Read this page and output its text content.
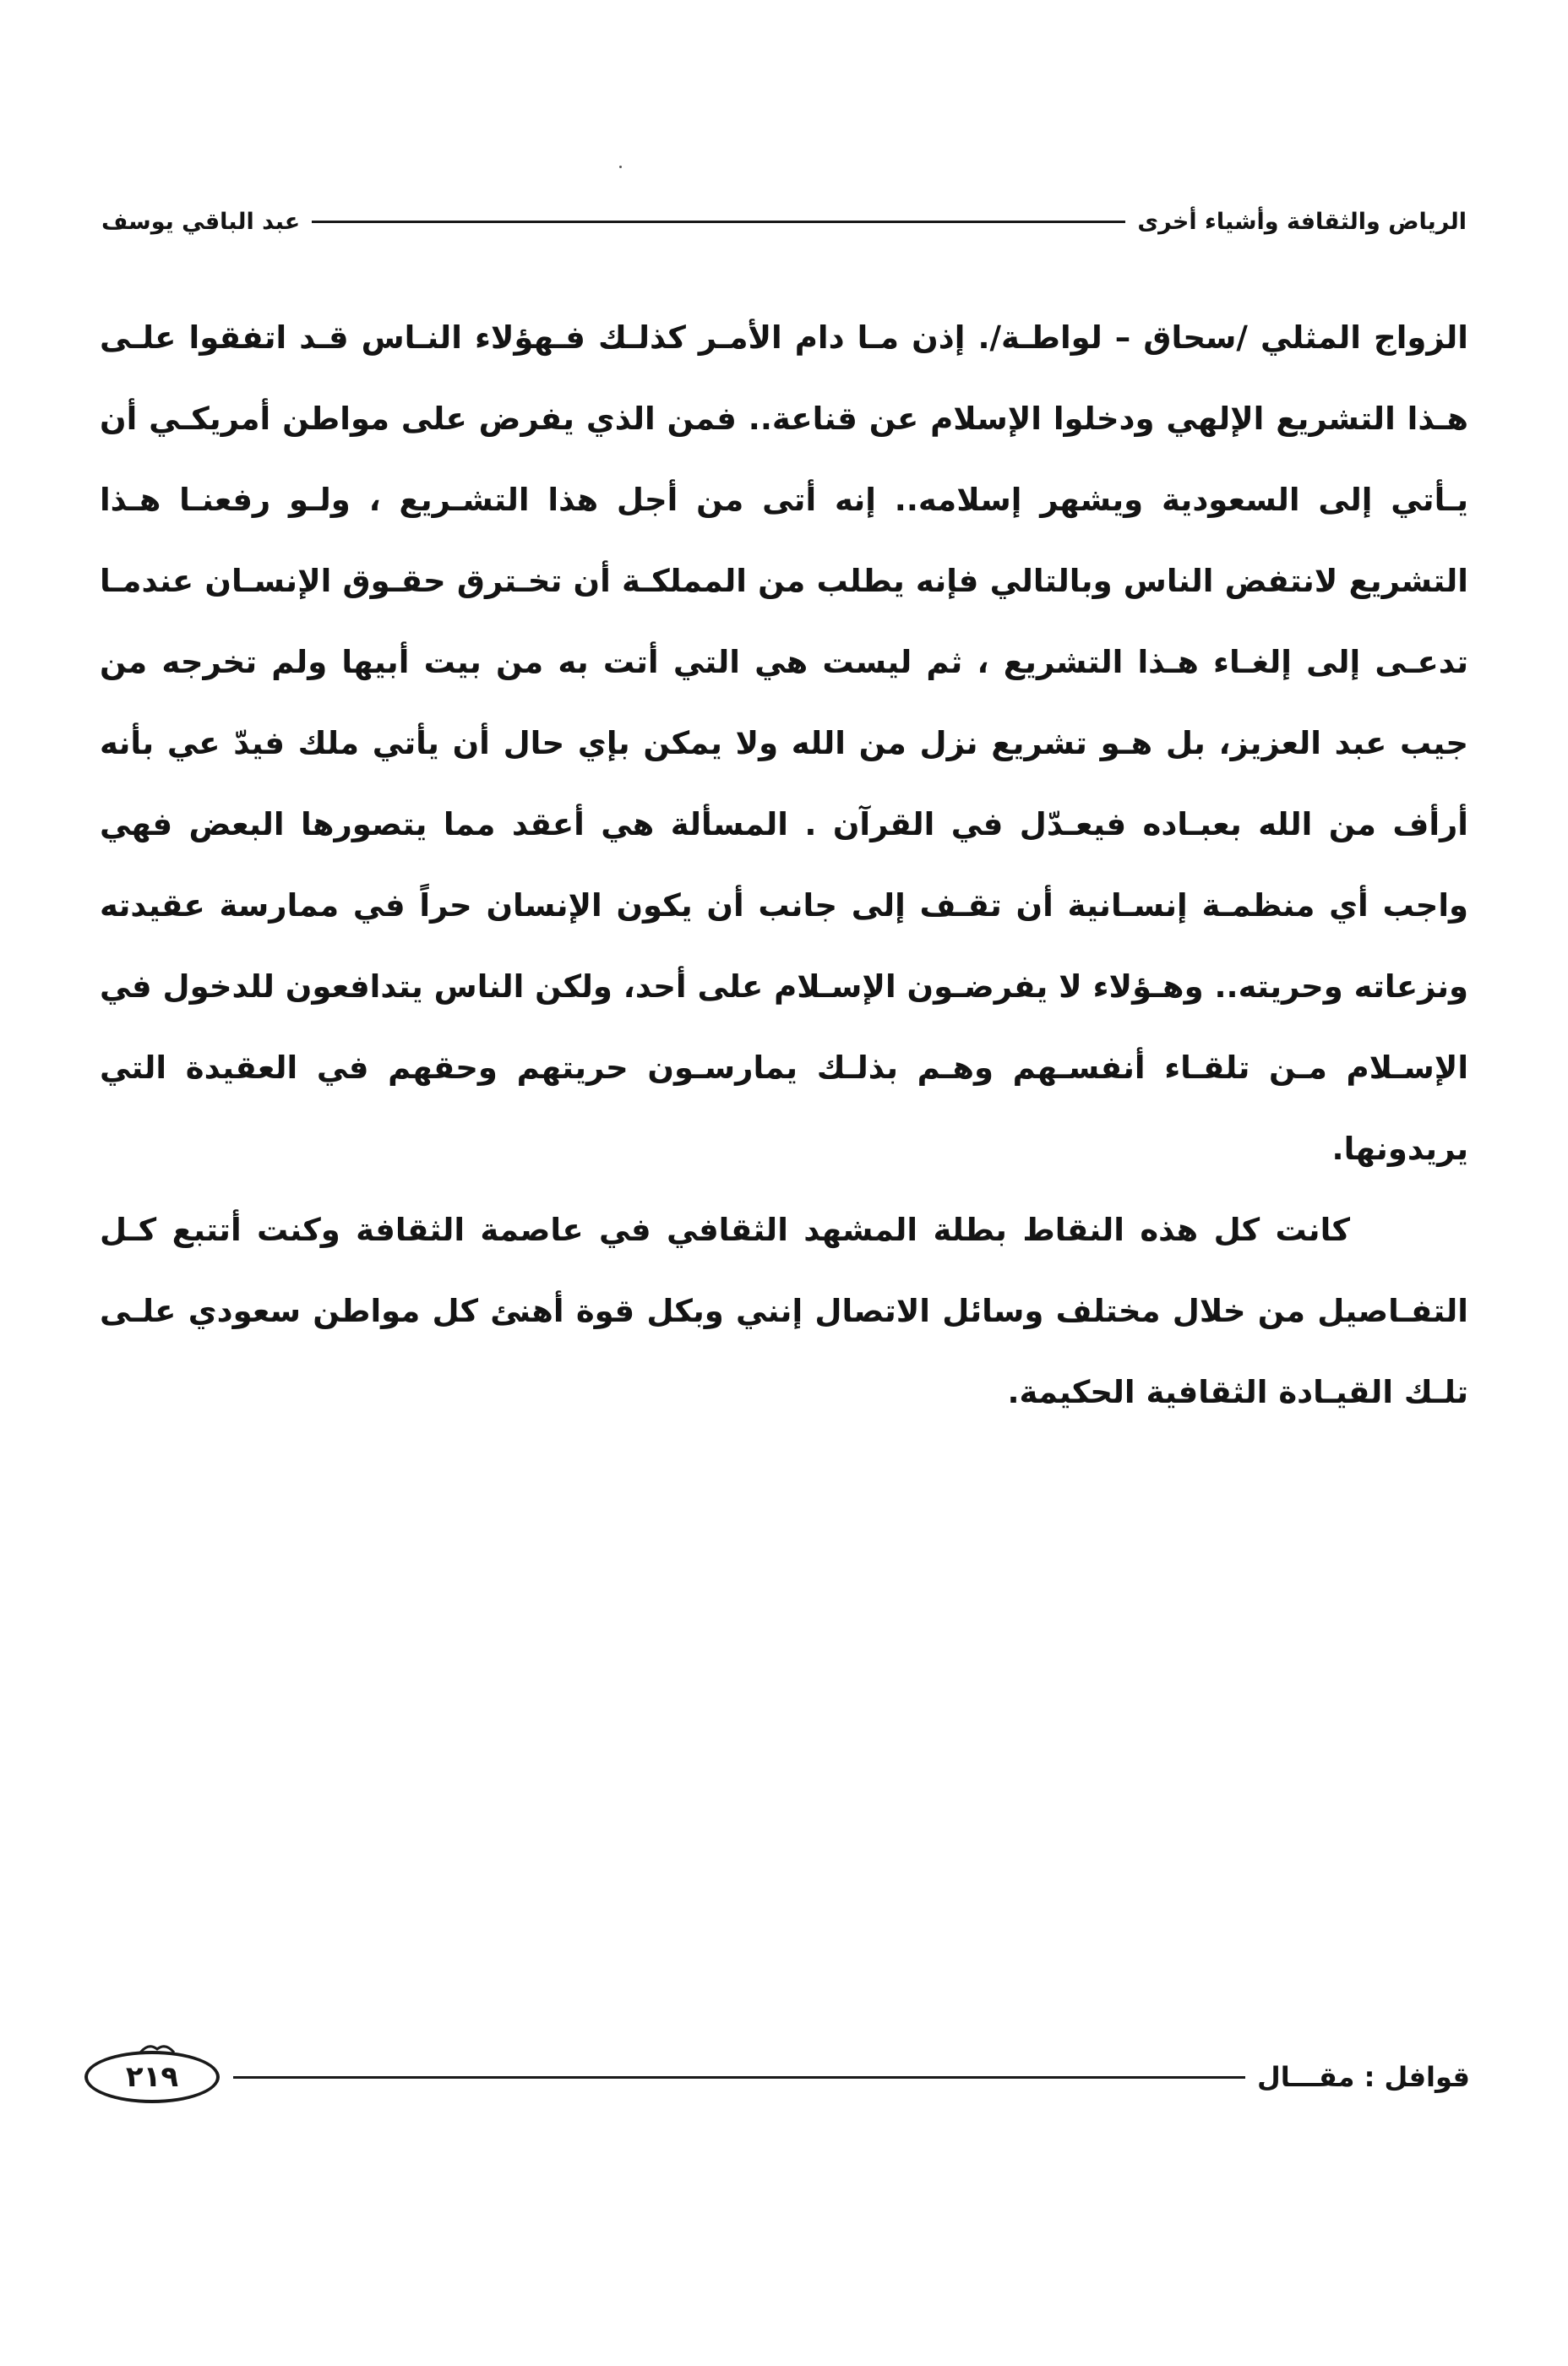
الرياض والثقافة وأشياء أخرى
عبد الباقي يوسف

الزواج المثلي /سحاق – لواطـة/. إذن مـا دام الأمـر كذلـك فـهؤلاء النـاس قـد اتفقوا علـى هـذا التشريع الإلهي ودخلوا الإسلام عن قناعة.. فمن الذي يفرض على مواطن أمريكـي أن يـأتي إلى السعودية ويشهر إسلامه.. إنه أتى من أجل هذا التشـريع ، ولـو رفعنـا هـذا التشريع لانتفض الناس وبالتالي فإنه يطلب من المملكـة أن تخـترق حقـوق الإنسـان عندمـا تدعـى إلى إلغـاء هـذا التشريع ، ثم ليست هي التي أتت به من بيت أبيها ولم تخرجه من جيب عبد العزيز، بل هـو تشريع نزل من الله ولا يمكن بإي حال أن يأتي ملك فيدّ عي بأنه أرأف من الله بعبـاده فيعـدّل في القرآن . المسألة هي أعقد مما يتصورها البعض فهي واجب أي منظمـة إنسـانية أن تقـف إلى جانب أن يكون الإنسان حراً في ممارسة عقيدته ونزعاته وحريته.. وهـؤلاء لا يفرضـون الإسـلام على أحد، ولكن الناس يتدافعون للدخول في الإسـلام مـن تلقـاء أنفسـهم وهـم بذلـك يمارسـون حريتهم وحقهم في العقيدة التي يريدونها.

كانت كل هذه النقاط بطلة المشهد الثقافي في عاصمة الثقافة وكنت أتتبع كـل التفـاصيل من خلال مختلف وسائل الاتصال إنني وبكل قوة أهنئ كل مواطن سعودي علـى تلـك القيـادة الثقافية الحكيمة.

قوافل : مقـــال
٢١٩
